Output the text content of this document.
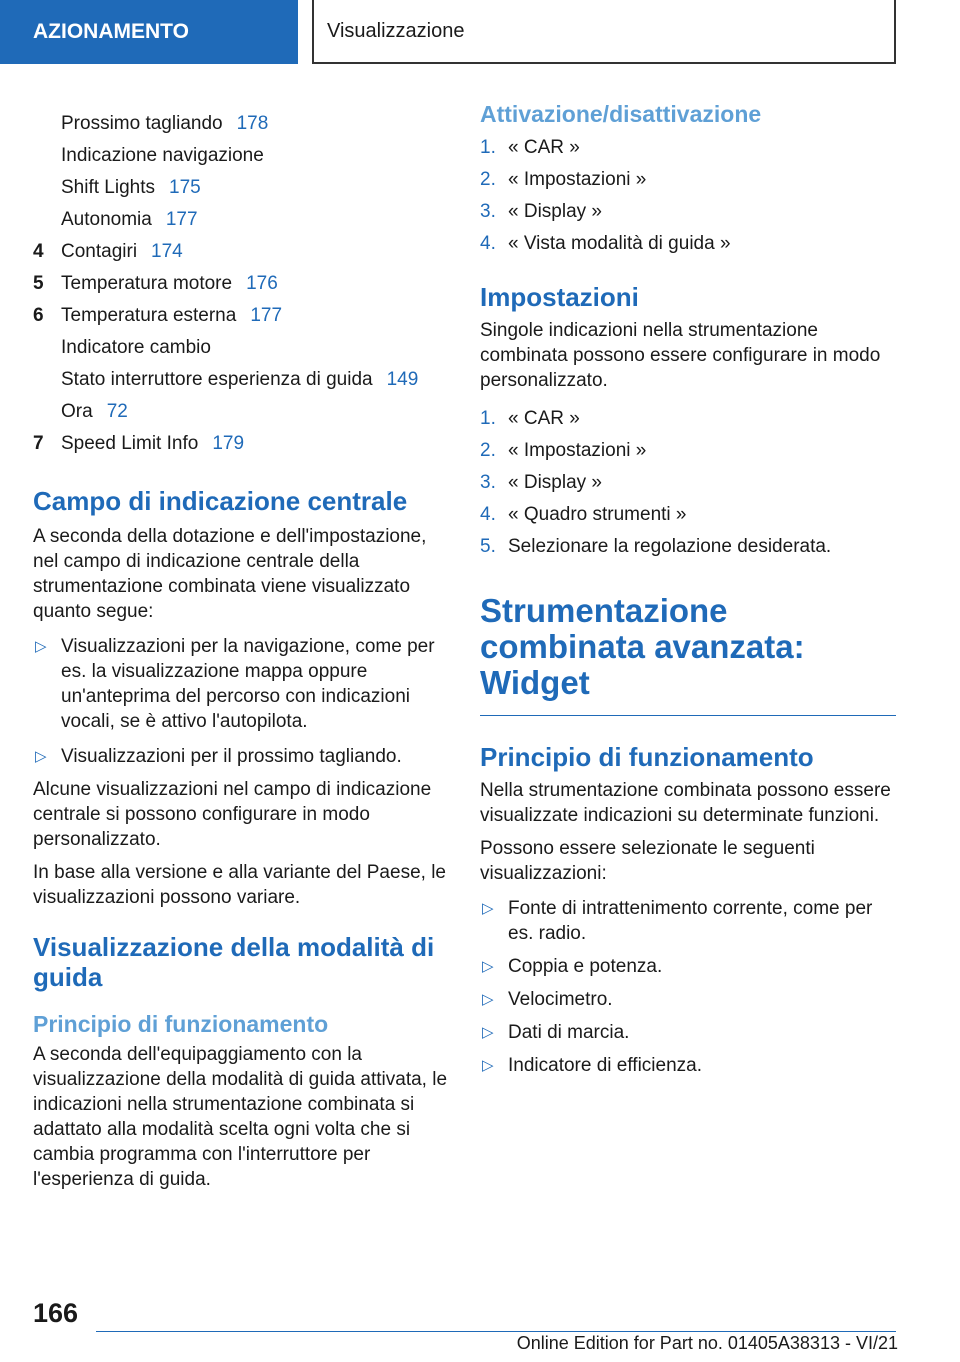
AZIONAMENTO	Visualizzazione
Prossimo tagliando 178
Indicazione navigazione
Shift Lights 175
Autonomia 177
4 Contagiri 174
5 Temperatura motore 176
6 Temperatura esterna 177
Indicatore cambio
Stato interruttore esperienza di guida 149
Ora 72
7 Speed Limit Info 179
Campo di indicazione centrale

A seconda della dotazione e dell'impostazione, nel campo di indicazione centrale della strumentazione combinata viene visualizzato quanto segue:

▷ Visualizzazioni per la navigazione, come per es. la visualizzazione mappa oppure un'anteprima del percorso con indicazioni vocali, se è attivo l'autopilota.
▷ Visualizzazioni per il prossimo tagliando.

Alcune visualizzazioni nel campo di indicazione centrale si possono configurare in modo personalizzato.

In base alla versione e alla variante del Paese, le visualizzazioni possono variare.

Visualizzazione della modalità di guida
Principio di funzionamento

A seconda dell'equipaggiamento con la visualizzazione della modalità di guida attivata, le indicazioni nella strumentazione combinata si adattato alla modalità scelta ogni volta che si cambia programma con l'interruttore per l'esperienza di guida.

Attivazione/disattivazione
1. « CAR »
2. « Impostazioni »
3. « Display »
4. « Vista modalità di guida »
Impostazioni

Singole indicazioni nella strumentazione combinata possono essere configurare in modo personalizzato.

1. « CAR »
2. « Impostazioni »
3. « Display »
4. « Quadro strumenti »
5. Selezionare la regolazione desiderata.
Strumentazione combinata avanzata: Widget
Principio di funzionamento

Nella strumentazione combinata possono essere visualizzate indicazioni su determinate funzioni.

Possono essere selezionate le seguenti visualizzazioni:

▷ Fonte di intrattenimento corrente, come per es. radio.
▷ Coppia e potenza.
▷ Velocimetro.
▷ Dati di marcia.
▷ Indicatore di efficienza.
166
Online Edition for Part no. 01405A38313 - VI/21
